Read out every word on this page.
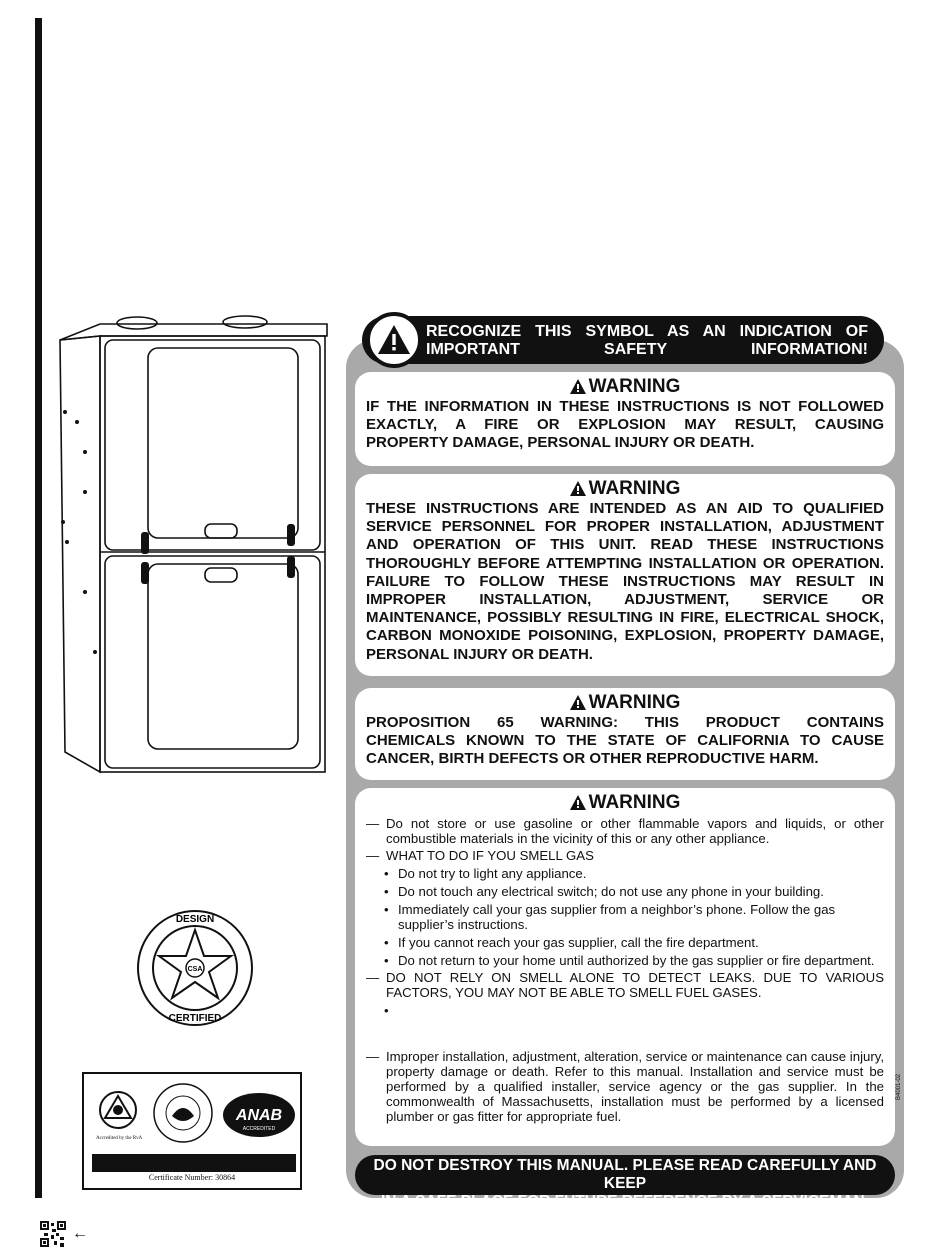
CSA
DESIGN
CERTIFIED
ANAB
ACCREDITED
Accredited by the RvA
Certificate Number: 30864
RECOGNIZE THIS SYMBOL AS AN INDICATION OF IMPORTANT SAFETY INFORMATION!
WARNING
IF THE INFORMATION IN THESE INSTRUCTIONS IS NOT FOLLOWED
EXACTLY, A FIRE OR EXPLOSION MAY RESULT, CAUSING
PROPERTY DAMAGE, PERSONAL INJURY OR DEATH.
WARNING
THESE INSTRUCTIONS ARE INTENDED AS AN AID TO QUALIFIED
SERVICE PERSONNEL FOR PROPER INSTALLATION, ADJUSTMENT
AND OPERATION OF THIS UNIT. READ THESE INSTRUCTIONS
THOROUGHLY BEFORE ATTEMPTING INSTALLATION OR OPERATION.
FAILURE TO FOLLOW THESE INSTRUCTIONS MAY RESULT IN
IMPROPER INSTALLATION, ADJUSTMENT, SERVICE OR
MAINTENANCE, POSSIBLY RESULTING IN FIRE, ELECTRICAL SHOCK,
CARBON MONOXIDE POISONING, EXPLOSION, PROPERTY DAMAGE,
PERSONAL INJURY OR DEATH.
WARNING
PROPOSITION 65 WARNING: THIS PRODUCT CONTAINS
CHEMICALS KNOWN TO THE STATE OF CALIFORNIA TO CAUSE
CANCER, BIRTH DEFECTS OR OTHER REPRODUCTIVE HARM.
WARNING
— Do not store or use gasoline or other flammable vapors and liquids, or other combustible materials in the vicinity of this or any other appliance.
— WHAT TO DO IF YOU SMELL GAS
• Do not try to light any appliance.
• Do not touch any electrical switch; do not use any phone in your building.
• Immediately call your gas supplier from a neighbor’s phone. Follow the gas supplier’s instructions.
• If you cannot reach your gas supplier, call the fire department.
• Do not return to your home until authorized by the gas supplier or fire department.
— DO NOT RELY ON SMELL ALONE TO DETECT LEAKS. DUE TO VARIOUS FACTORS, YOU MAY NOT BE ABLE TO SMELL FUEL GASES.
•
— Improper installation, adjustment, alteration, service or maintenance can cause injury, property damage or death. Refer to this manual. Installation and service must be performed by a qualified installer, service agency or the gas supplier. In the commonwealth of Massachusetts, installation must be performed by a licensed plumber or gas fitter for appropriate fuel.
B4001-02
DO NOT DESTROY THIS MANUAL. PLEASE READ CAREFULLY AND KEEP
IN A SAFE PLACE FOR FUTURE REFERENCE BY A SERVICEMAN.
←
